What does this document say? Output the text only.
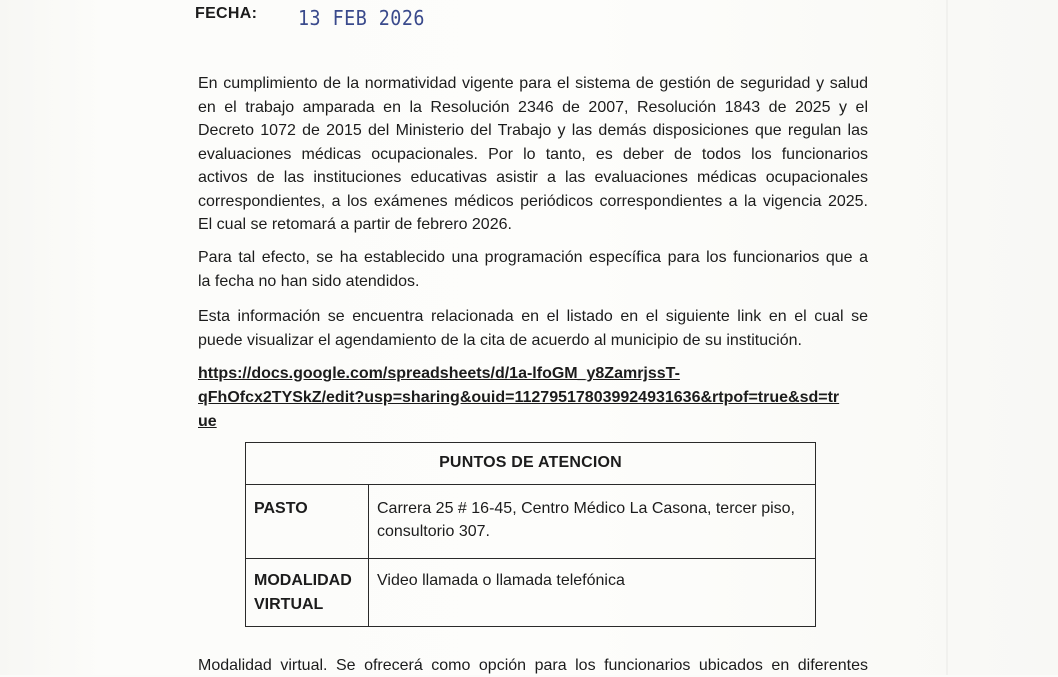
FECHA: 13 FEB 2026
En cumplimiento de la normatividad vigente para el sistema de gestión de seguridad y salud
en el trabajo amparada en la Resolución 2346 de 2007, Resolución 1843 de 2025 y el
Decreto 1072 de 2015 del Ministerio del Trabajo y las demás disposiciones que regulan las
evaluaciones médicas ocupacionales. Por lo tanto, es deber de todos los funcionarios
activos de las instituciones educativas asistir a las evaluaciones médicas ocupacionales
correspondientes, a los exámenes médicos periódicos correspondientes a la vigencia 2025.
El cual se retomará a partir de febrero 2026.
Para tal efecto, se ha establecido una programación específica para los funcionarios que a
la fecha no han sido atendidos.
Esta información se encuentra relacionada en el listado en el siguiente link en el cual se
puede visualizar el agendamiento de la cita de acuerdo al municipio de su institución.
https://docs.google.com/spreadsheets/d/1a-lfoGM_y8ZamrjssT-
qFhOfcx2TYSkZ/edit?usp=sharing&ouid=112795178039924931636&rtpof=true&sd=tr
ue
PUNTOS DE ATENCION	
PASTO	Carrera 25 # 16-45, Centro Médico La Casona, tercer piso,
consultorio 307.
MODALIDAD
VIRTUAL	Video llamada o llamada telefónica
Modalidad virtual. Se ofrecerá como opción para los funcionarios ubicados en diferentes
